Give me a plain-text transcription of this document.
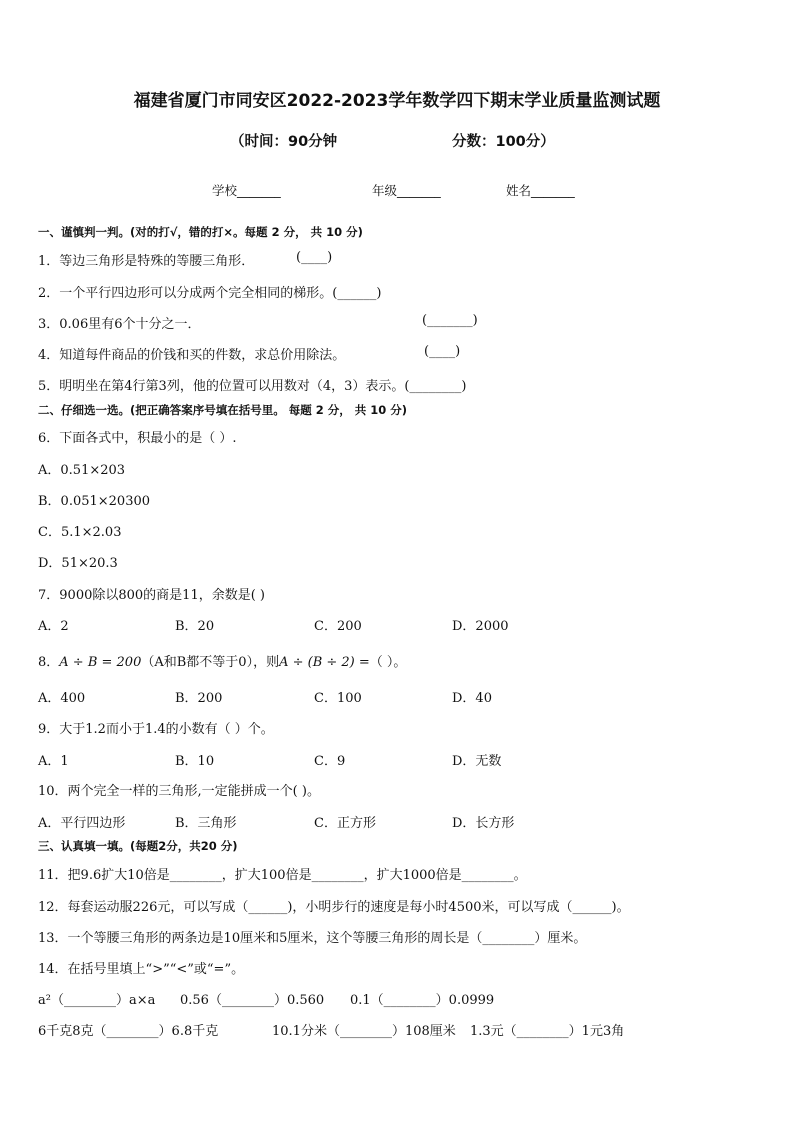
福建省厦门市同安区2022-2023学年数学四下期末学业质量监测试题
（时间：90分钟	分数：100分）
学校_______	年级_______	姓名_______
一、谨慎判一判。(对的打√，错的打×。每题 2 分， 共 10 分)
1．等边三角形是特殊的等腰三角形．	(____)
2．一个平行四边形可以分成两个完全相同的梯形。(______)
3．0.06里有6个十分之一．	(_______)
4．知道每件商品的价钱和买的件数，求总价用除法。	(____)
5．明明坐在第4行第3列，他的位置可以用数对（4，3）表示。(________)
二、仔细选一选。(把正确答案序号填在括号里。 每题 2 分， 共 10 分)
6．下面各式中，积最小的是（ ）.
A．0.51×203
B．0.051×20300
C．5.1×2.03
D．51×20.3
7．9000除以800的商是11，余数是( )
A．2	B．20	C．200	D．2000
8．A ÷ B = 200（A和B都不等于0），则A ÷ (B ÷ 2) =（ ）。
A．400	B．200	C．100	D．40
9．大于1.2而小于1.4的小数有（ ）个。
A．1	B．10	C．9	D．无数
10．两个完全一样的三角形,一定能拼成一个( )。
A．平行四边形	B．三角形	C．正方形	D．长方形
三、认真填一填。(每题2分，共20 分)
11．把9.6扩大10倍是________，扩大100倍是________，扩大1000倍是________。
12．每套运动服226元，可以写成（______)，小明步行的速度是每小时4500米，可以写成（______)。
13．一个等腰三角形的两条边是10厘米和5厘米，这个等腰三角形的周长是（________）厘米。
14．在括号里填上“>”“<”或“=”。
a²（________）a×a 0.56（________）0.560 0.1（________）0.0999
6千克8克（________）6.8千克	10.1分米（________）108厘米 1.3元（________）1元3角
